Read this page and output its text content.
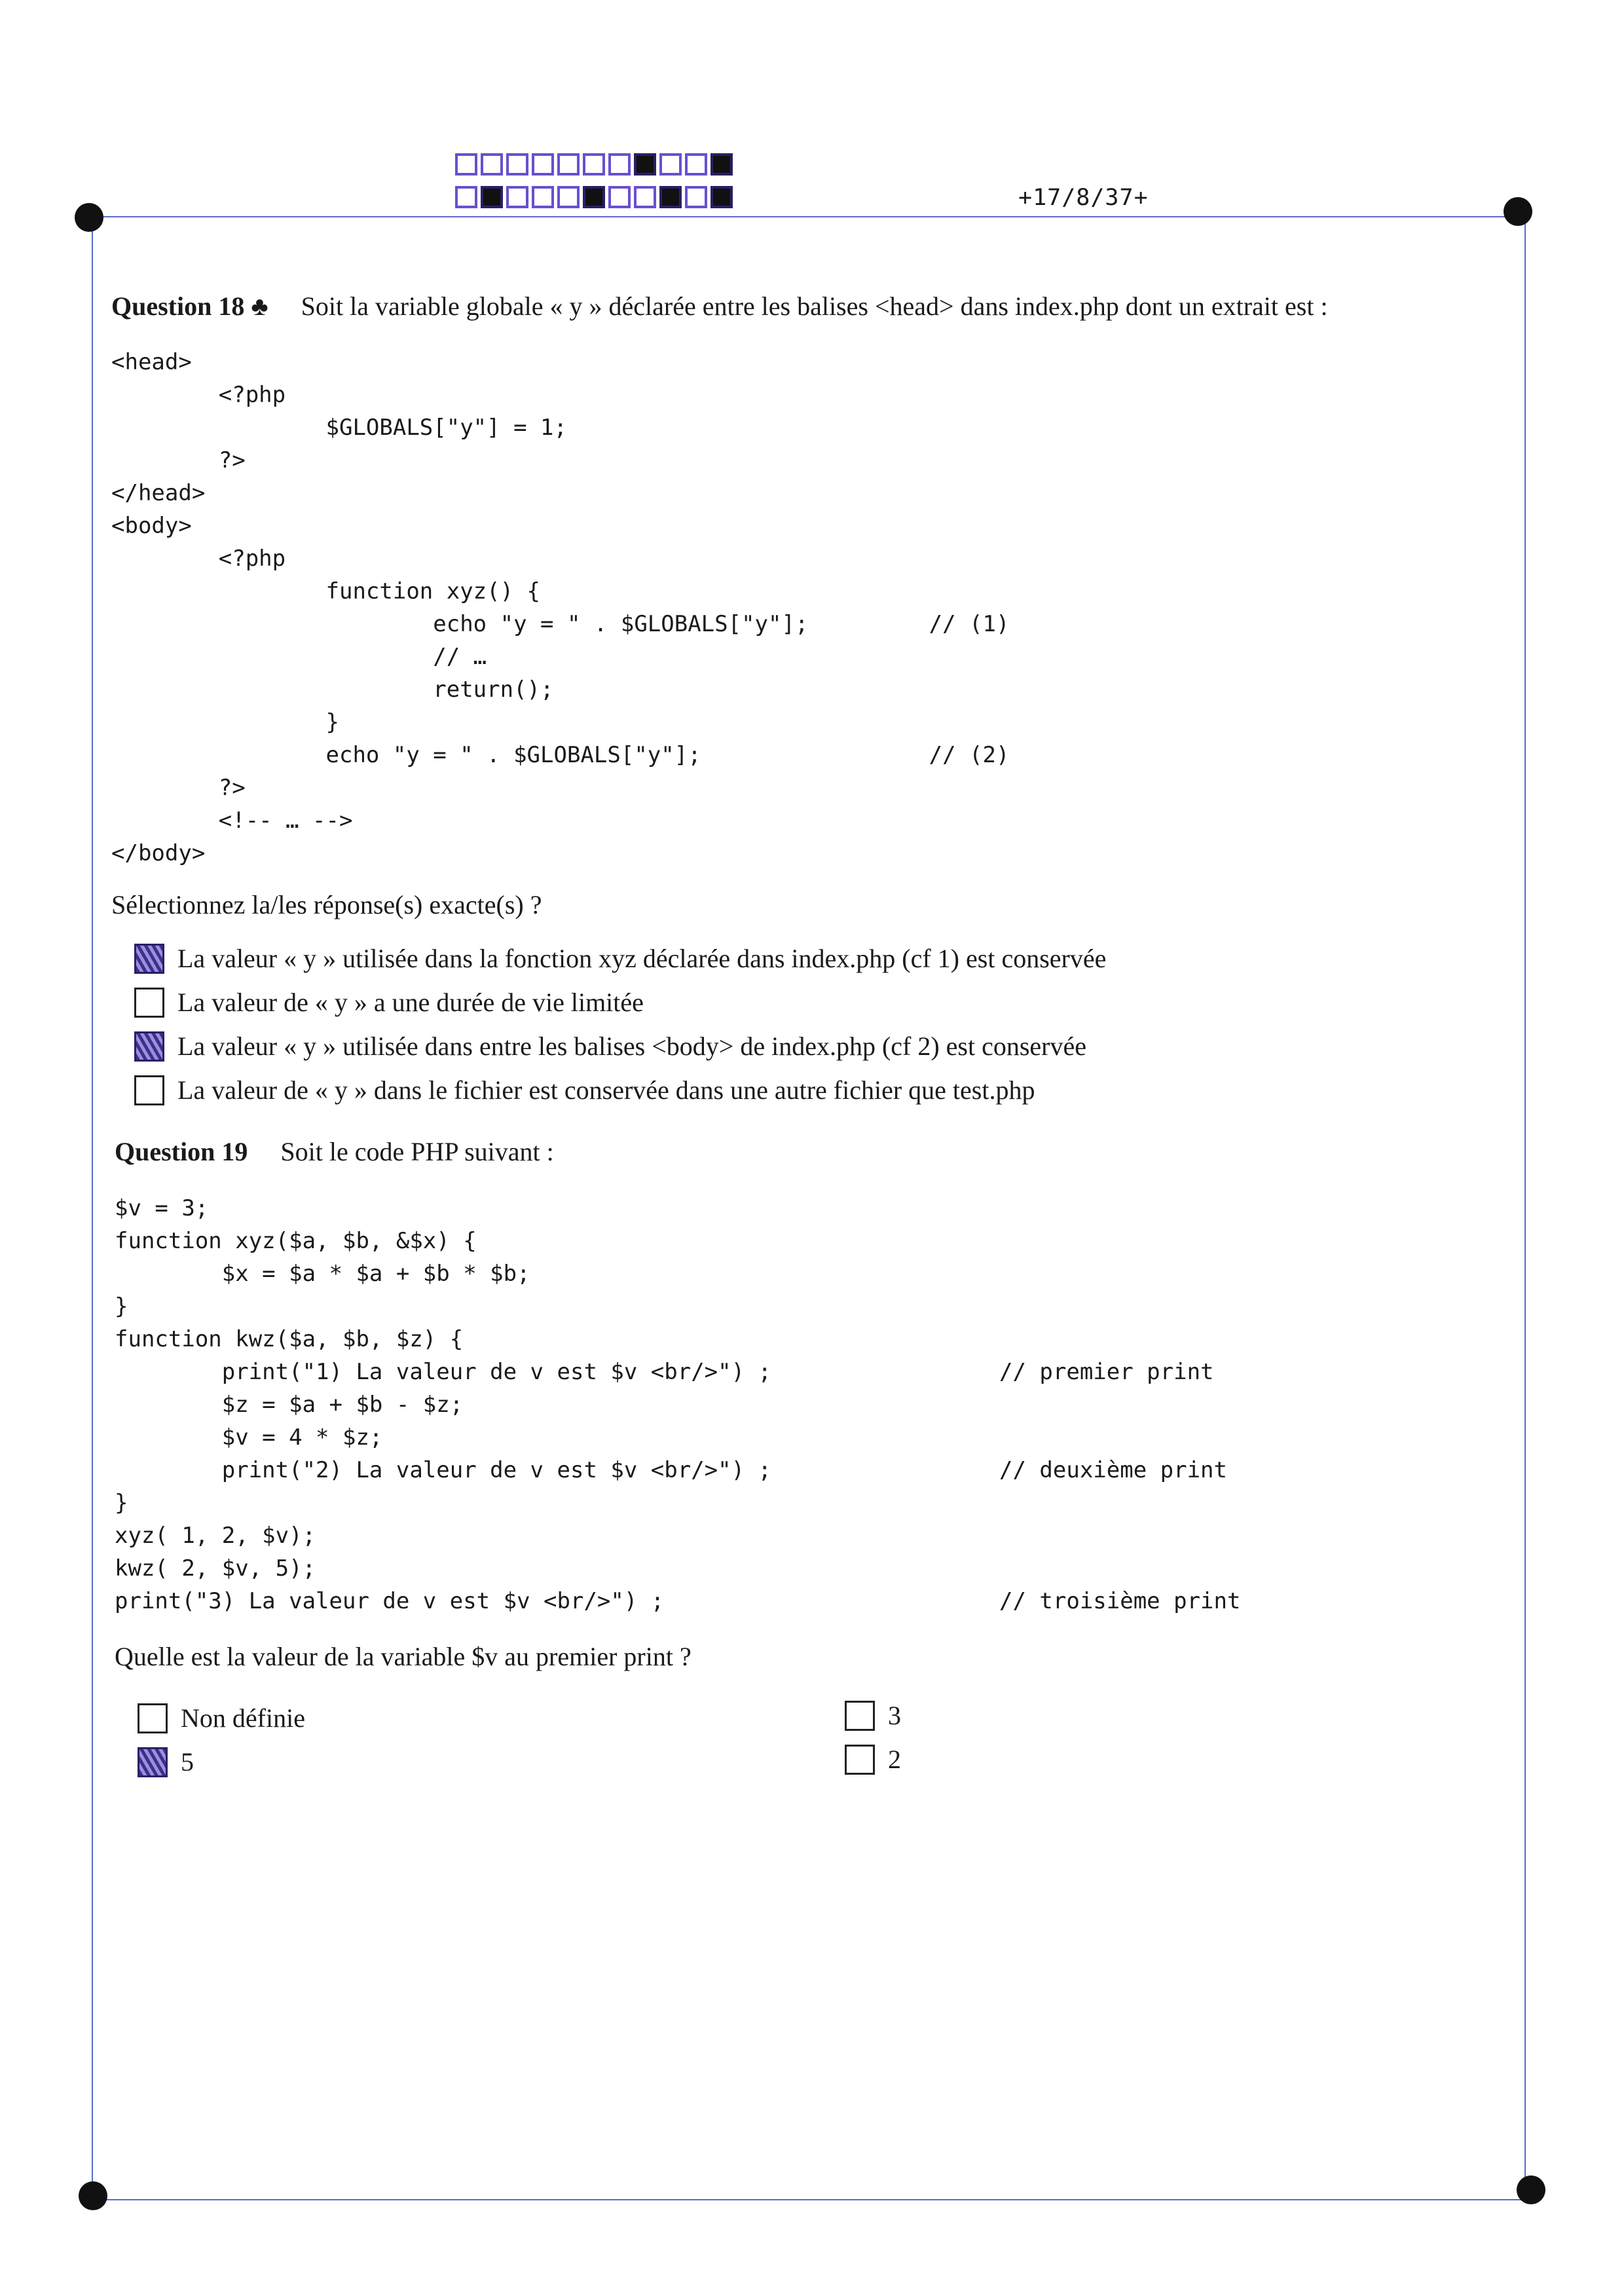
+17/8/37+
Question 18 ♣ Soit la variable globale « y » déclarée entre les balises <head> dans index.php dont un extrait est :
<head>
<?php
$GLOBALS["y"] = 1;
?>
</head>
<body>
<?php
function xyz() {
echo "y = " . $GLOBALS["y"];         // (1)
// …
return();
}
echo "y = " . $GLOBALS["y"];                 // (2)
?>
<!-- … -->
</body>
Sélectionnez la/les réponse(s) exacte(s) ?
La valeur « y » utilisée dans la fonction xyz déclarée dans index.php (cf 1) est conservée
La valeur de « y » a une durée de vie limitée
La valeur « y » utilisée dans entre les balises <body> de index.php (cf 2) est conservée
La valeur de « y » dans le fichier est conservée dans une autre fichier que test.php
Question 19 Soit le code PHP suivant :
$v = 3;
function xyz($a, $b, &$x) {
$x = $a * $a + $b * $b;
}
function kwz($a, $b, $z) {
print("1) La valeur de v est $v <br/>") ;                 // premier print
$z = $a + $b - $z;
$v = 4 * $z;
print("2) La valeur de v est $v <br/>") ;                 // deuxième print
}
xyz( 1, 2, $v);
kwz( 2, $v, 5);
print("3) La valeur de v est $v <br/>") ;                         // troisième print
Quelle est la valeur de la variable $v au premier print ?
Non définie
5
3
2
